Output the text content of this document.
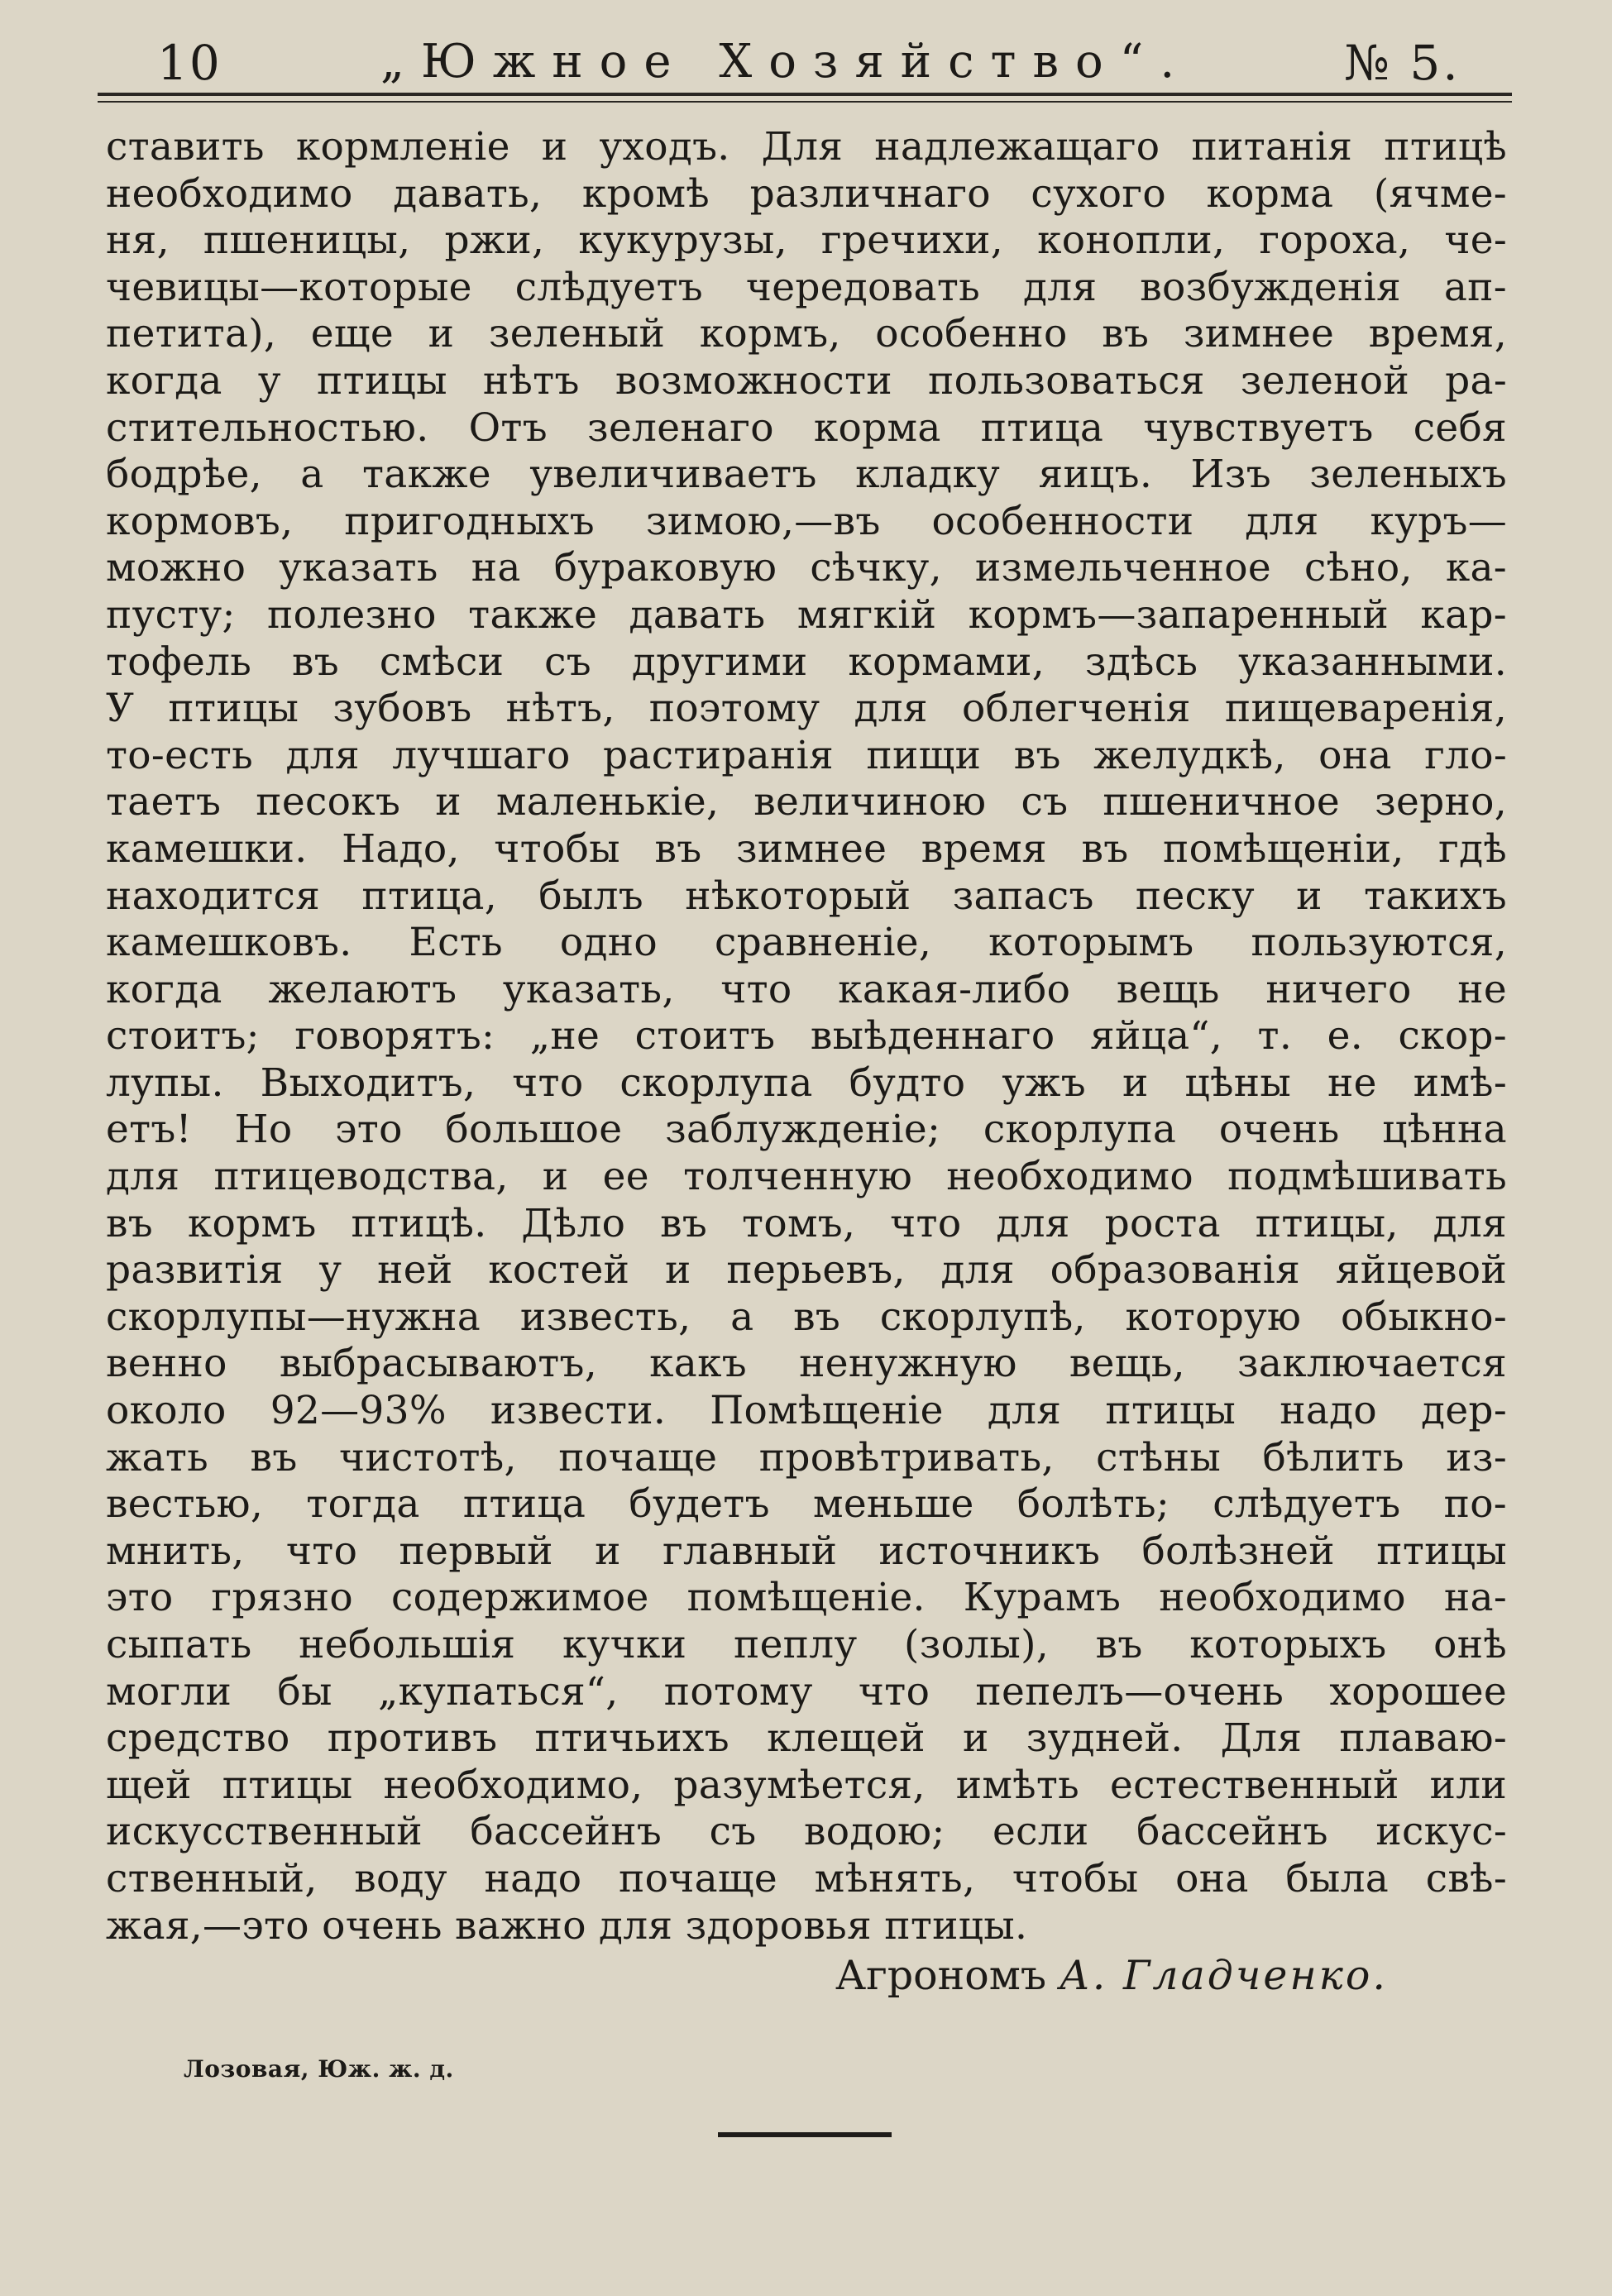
10	„Южное Хозяйство“.	№ 5.
ставить кормленіе и уходъ. Для надлежащаго питанія птицѣ
необходимо давать, кромѣ различнаго сухого корма (ячме-
ня, пшеницы, ржи, кукурузы, гречихи, конопли, гороха, че-
чевицы—которые слѣдуетъ чередовать для возбужденія ап-
петита), еще и зеленый кормъ, особенно въ зимнее время,
когда у птицы нѣтъ возможности пользоваться зеленой ра-
стительностью. Отъ зеленаго корма птица чувствуетъ себя
бодрѣе, а также увеличиваетъ кладку яицъ. Изъ зеленыхъ
кормовъ, пригодныхъ зимою,—въ особенности для куръ—
можно указать на бураковую сѣчку, измельченное сѣно, ка-
пусту; полезно также давать мягкій кормъ—запаренный кар-
тофель въ смѣси съ другими кормами, здѣсь указанными.
У птицы зубовъ нѣтъ, поэтому для облегченія пищеваренія,
то-есть для лучшаго растиранія пищи въ желудкѣ, она гло-
таетъ песокъ и маленькіе, величиною съ пшеничное зерно,
камешки. Надо, чтобы въ зимнее время въ помѣщеніи, гдѣ
находится птица, былъ нѣкоторый запасъ песку и такихъ
камешковъ. Есть одно сравненіе, которымъ пользуются,
когда желаютъ указать, что какая-либо вещь ничего не
стоитъ; говорятъ: „не стоитъ выѣденнаго яйца“, т. е. скор-
лупы. Выходитъ, что скорлупа будто ужъ и цѣны не имѣ-
етъ! Но это большое заблужденіе; скорлупа очень цѣнна
для птицеводства, и ее толченную необходимо подмѣшивать
въ кормъ птицѣ. Дѣло въ томъ, что для роста птицы, для
развитія у ней костей и перьевъ, для образованія яйцевой
скорлупы—нужна известь, а въ скорлупѣ, которую обыкно-
венно выбрасываютъ, какъ ненужную вещь, заключается
около 92—93% извести. Помѣщеніе для птицы надо дер-
жать въ чистотѣ, почаще провѣтривать, стѣны бѣлить из-
вестью, тогда птица будетъ меньше болѣть; слѣдуетъ по-
мнить, что первый и главный источникъ болѣзней птицы
это грязно содержимое помѣщеніе. Курамъ необходимо на-
сыпать небольшія кучки пеплу (золы), въ которыхъ онѣ
могли бы „купаться“, потому что пепелъ—очень хорошее
средство противъ птичьихъ клещей и зудней. Для плаваю-
щей птицы необходимо, разумѣется, имѣть естественный или
искусственный бассейнъ съ водою; если бассейнъ искус-
ственный, воду надо почаще мѣнять, чтобы она была свѣ-
жая,—это очень важно для здоровья птицы.
Агрономъ А. Гладченко.
Лозовая, Юж. ж. д.
